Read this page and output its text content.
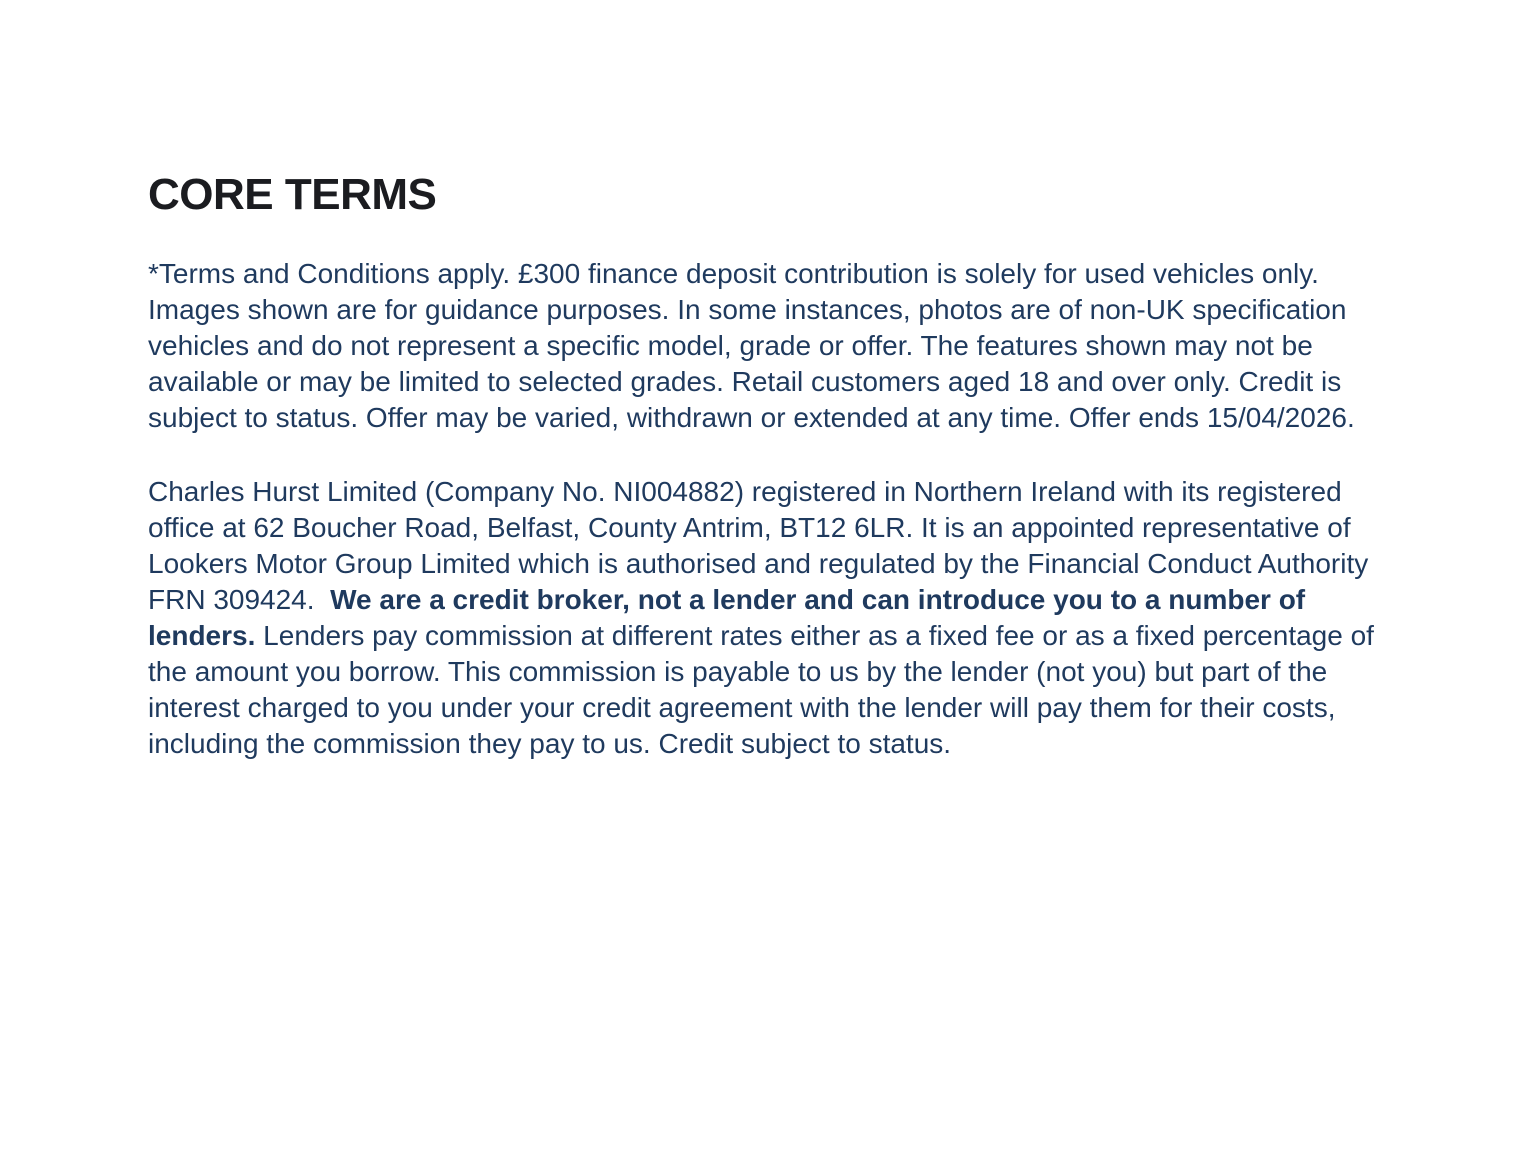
CORE TERMS

*Terms and Conditions apply. £300 finance deposit contribution is solely for used vehicles only. Images shown are for guidance purposes. In some instances, photos are of non-UK specification vehicles and do not represent a specific model, grade or offer. The features shown may not be available or may be limited to selected grades. Retail customers aged 18 and over only. Credit is subject to status. Offer may be varied, withdrawn or extended at any time. Offer ends 15/04/2026.

Charles Hurst Limited (Company No. NI004882) registered in Northern Ireland with its registered office at 62 Boucher Road, Belfast, County Antrim, BT12 6LR. It is an appointed representative of Lookers Motor Group Limited which is authorised and regulated by the Financial Conduct Authority FRN 309424.  We are a credit broker, not a lender and can introduce you to a number of lenders. Lenders pay commission at different rates either as a fixed fee or as a fixed percentage of the amount you borrow. This commission is payable to us by the lender (not you) but part of the interest charged to you under your credit agreement with the lender will pay them for their costs, including the commission they pay to us. Credit subject to status.
